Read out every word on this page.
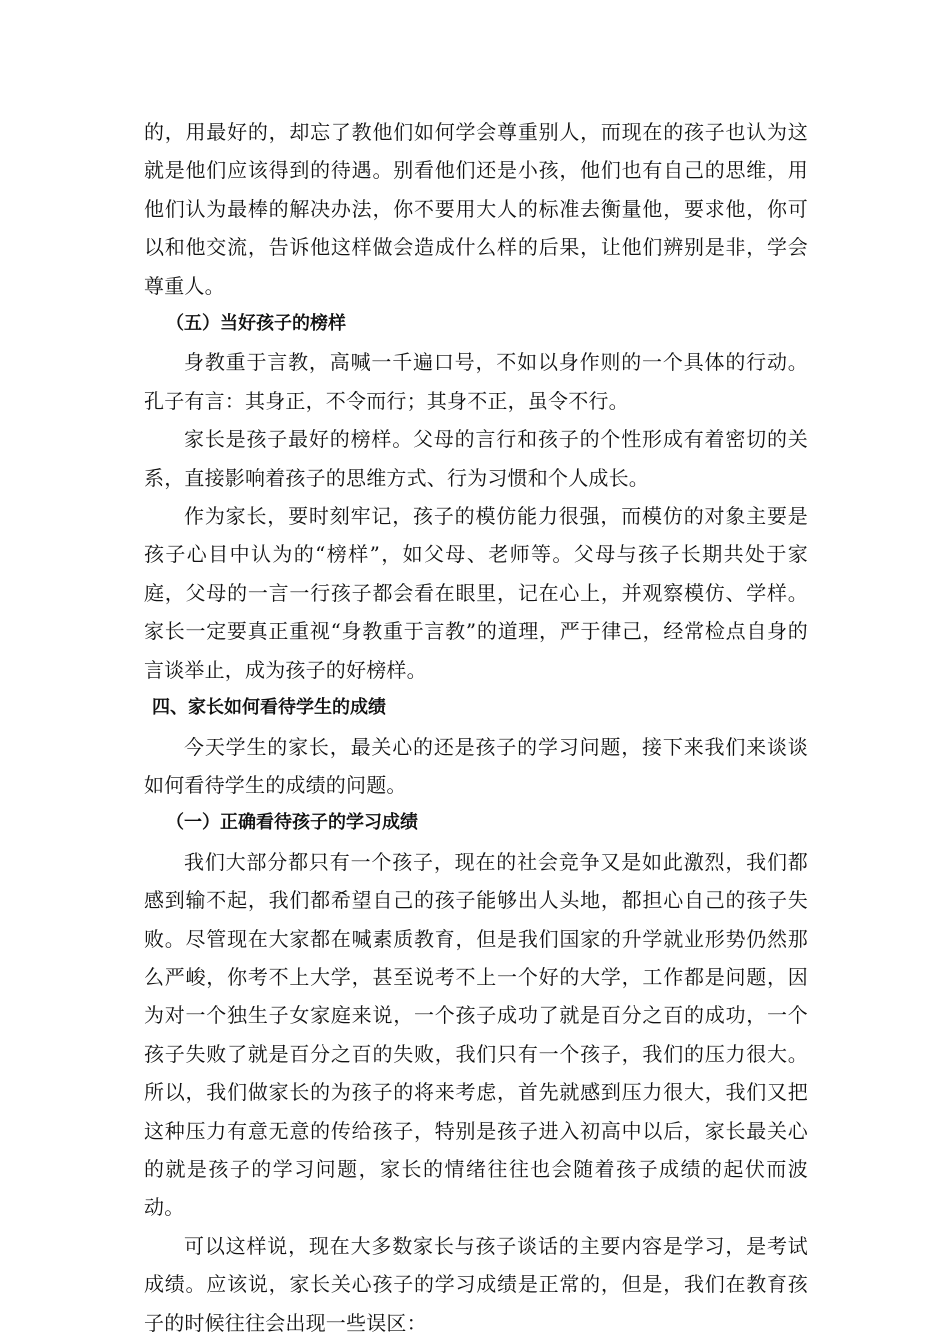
的，用最好的，却忘了教他们如何学会尊重别人，而现在的孩子也认为这就是他们应该得到的待遇。别看他们还是小孩，他们也有自己的思维，用他们认为最棒的解决办法，你不要用大人的标准去衡量他，要求他，你可以和他交流，告诉他这样做会造成什么样的后果，让他们辨别是非，学会尊重人。

（五）当好孩子的榜样

身教重于言教，高喊一千遍口号，不如以身作则的一个具体的行动。孔子有言：其身正，不令而行；其身不正，虽令不行。

家长是孩子最好的榜样。父母的言行和孩子的个性形成有着密切的关系，直接影响着孩子的思维方式、行为习惯和个人成长。

作为家长，要时刻牢记，孩子的模仿能力很强，而模仿的对象主要是孩子心目中认为的“榜样”，如父母、老师等。父母与孩子长期共处于家庭，父母的一言一行孩子都会看在眼里，记在心上，并观察模仿、学样。家长一定要真正重视“身教重于言教”的道理，严于律己，经常检点自身的言谈举止，成为孩子的好榜样。

四、家长如何看待学生的成绩

今天学生的家长，最关心的还是孩子的学习问题，接下来我们来谈谈如何看待学生的成绩的问题。

（一）正确看待孩子的学习成绩

我们大部分都只有一个孩子，现在的社会竞争又是如此激烈，我们都感到输不起，我们都希望自己的孩子能够出人头地，都担心自己的孩子失败。尽管现在大家都在喊素质教育，但是我们国家的升学就业形势仍然那么严峻，你考不上大学，甚至说考不上一个好的大学，工作都是问题，因为对一个独生子女家庭来说，一个孩子成功了就是百分之百的成功，一个孩子失败了就是百分之百的失败，我们只有一个孩子，我们的压力很大。所以，我们做家长的为孩子的将来考虑，首先就感到压力很大，我们又把这种压力有意无意的传给孩子，特别是孩子进入初高中以后，家长最关心的就是孩子的学习问题，家长的情绪往往也会随着孩子成绩的起伏而波动。

可以这样说，现在大多数家长与孩子谈话的主要内容是学习，是考试成绩。应该说，家长关心孩子的学习成绩是正常的，但是，我们在教育孩子的时候往往会出现一些误区：
